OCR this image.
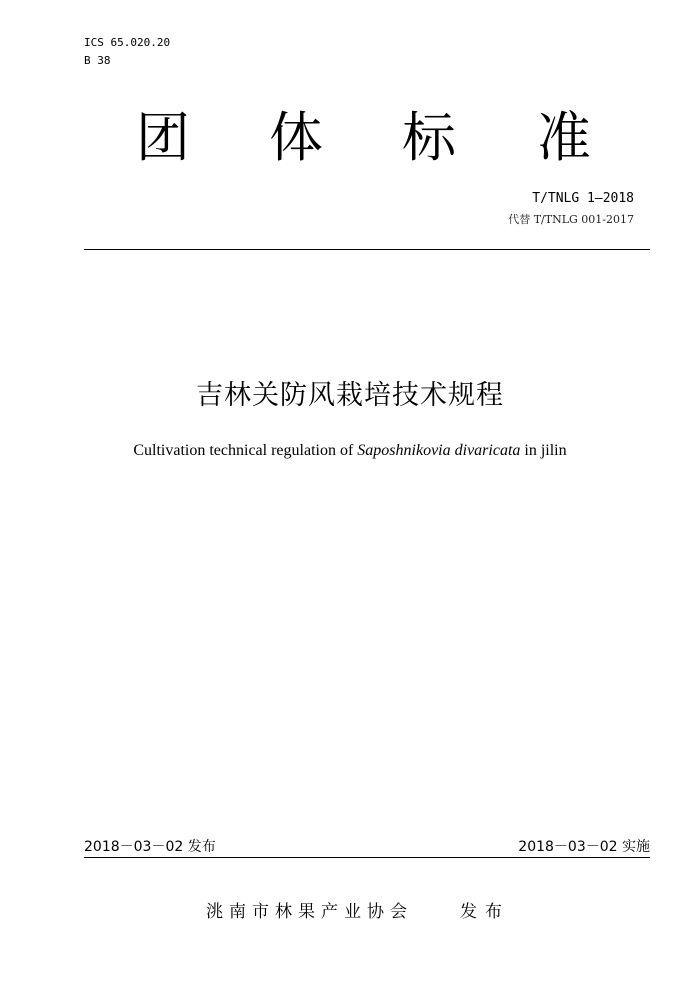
ICS 65.020.20
B 38
团 体 标 准
T/TNLG 1—2018
代替 T/TNLG 001-2017
吉林关防风栽培技术规程
Cultivation technical regulation of Saposhnikovia divaricata in jilin
2018－03－02 发布	2018－03－02 实施
洮南市林果产业协会	发布
